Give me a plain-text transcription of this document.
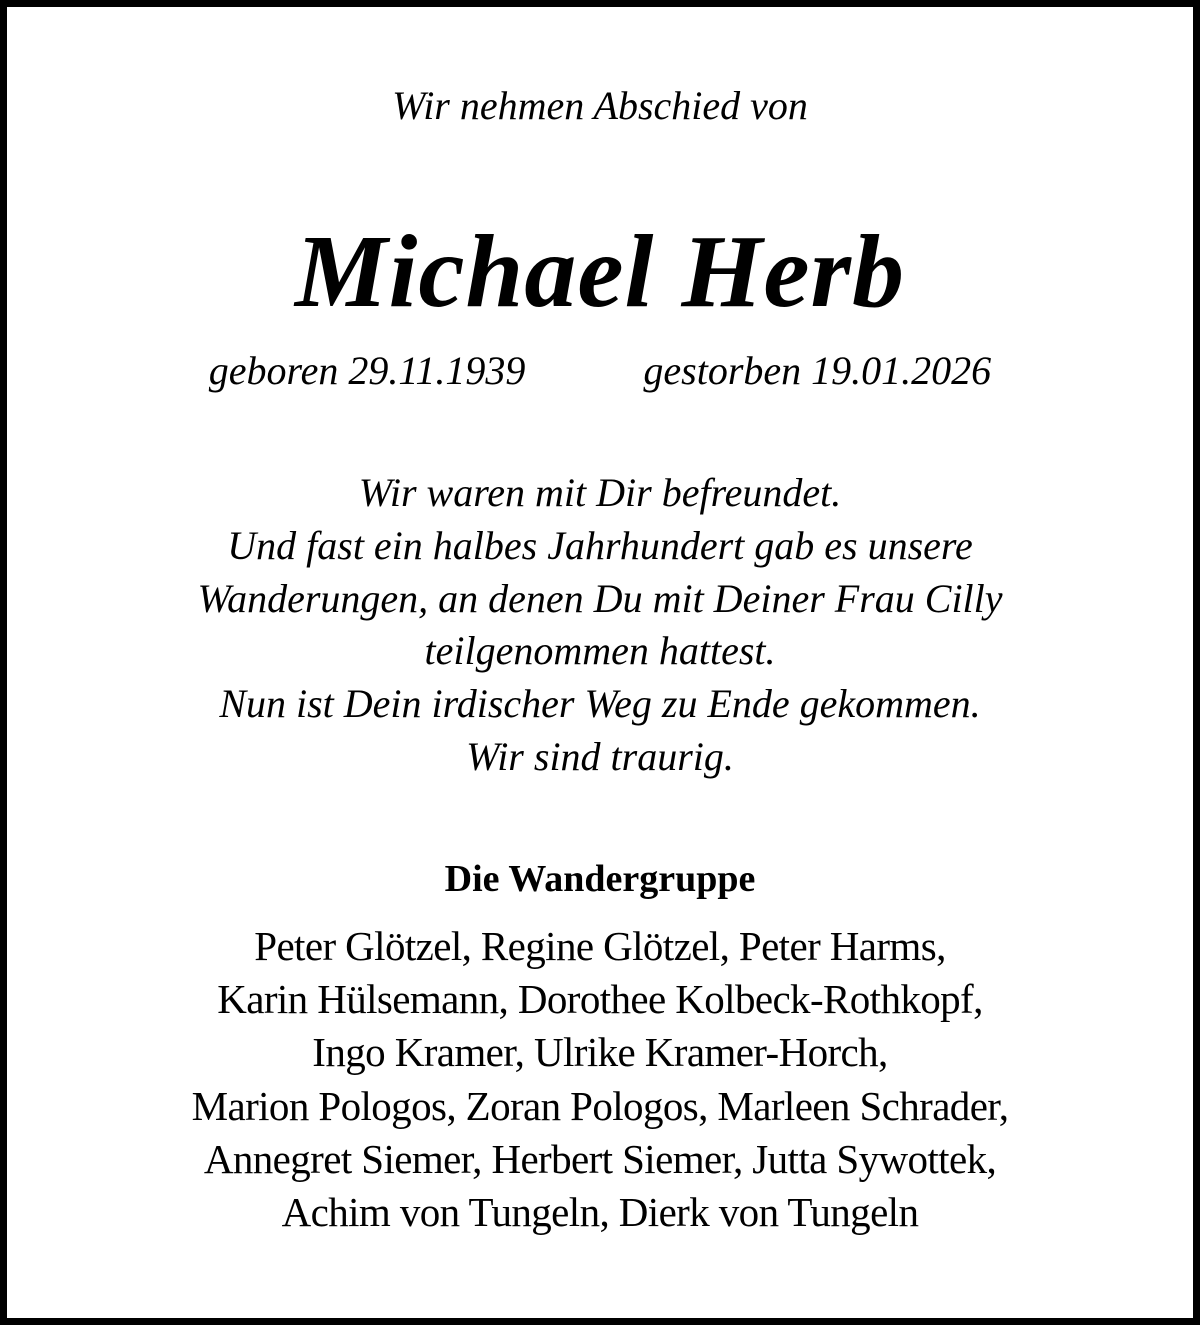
Wir nehmen Abschied von
Michael Herb
geboren 29.11.1939	gestorben 19.01.2026
Wir waren mit Dir befreundet.
Und fast ein halbes Jahrhundert gab es unsere
Wanderungen, an denen Du mit Deiner Frau Cilly
teilgenommen hattest.
Nun ist Dein irdischer Weg zu Ende gekommen.
Wir sind traurig.
Die Wandergruppe
Peter Glötzel, Regine Glötzel, Peter Harms,
Karin Hülsemann, Dorothee Kolbeck-Rothkopf,
Ingo Kramer, Ulrike Kramer-Horch,
Marion Pologos, Zoran Pologos, Marleen Schrader,
Annegret Siemer, Herbert Siemer, Jutta Sywottek,
Achim von Tungeln, Dierk von Tungeln
